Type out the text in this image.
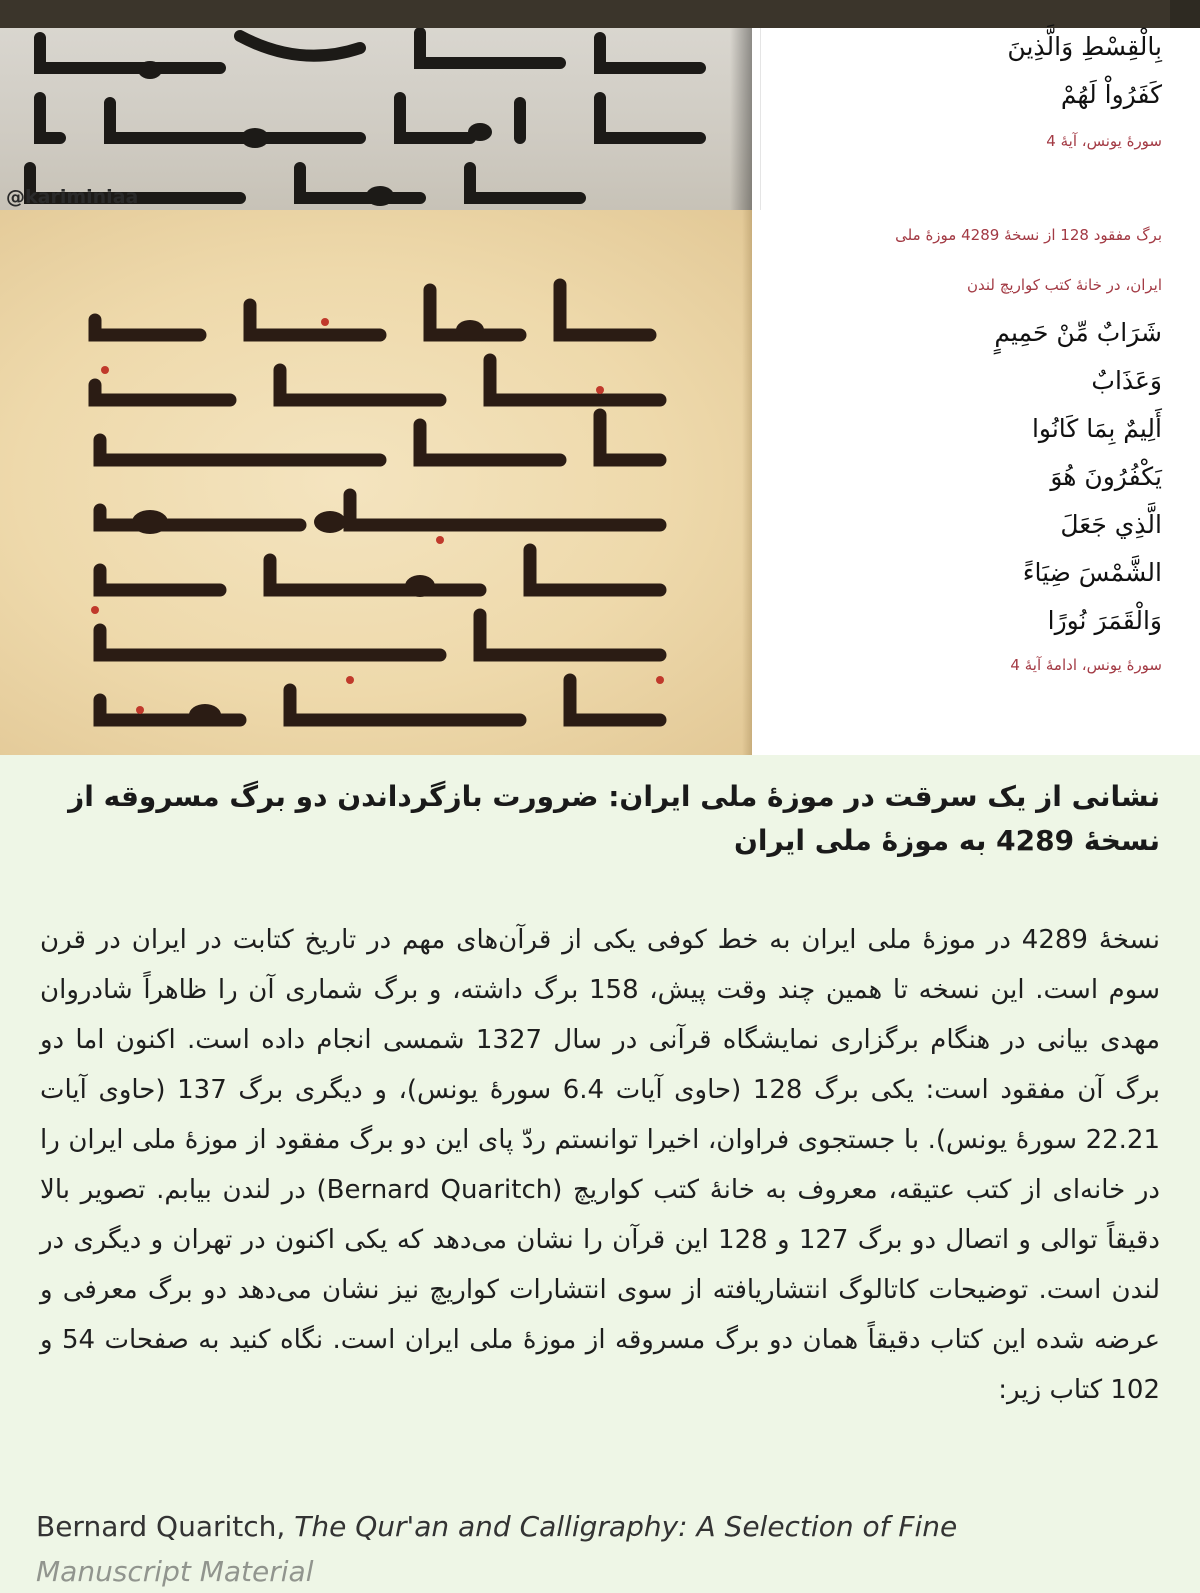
@kariminiaa
بِالْقِسْطِ وَالَّذِينَ
كَفَرُواْ لَهُمْ
سورهٔ یونس، آیهٔ 4
برگ مفقود 128 از نسخهٔ 4289 موزهٔ ملی
ایران، در خانهٔ کتب کواریچ لندن
شَرَابٌ مِّنْ حَمِيمٍ
وَعَذَابٌ
أَلِيمٌ بِمَا كَانُوا
يَكْفُرُونَ هُوَ
الَّذِي جَعَلَ
الشَّمْسَ ضِيَاءً
وَالْقَمَرَ نُورًا
سورهٔ یونس، ادامهٔ آیهٔ 4
نشانی از یک سرقت در موزهٔ ملی ایران: ضرورت بازگرداندن دو برگ مسروقه از نسخهٔ 4289 به موزهٔ ملی ایران
نسخهٔ 4289 در موزهٔ ملی ایران به خط کوفی یکی از قرآن‌های مهم در تاریخ کتابت در ایران در قرن سوم است. این نسخه تا همین چند وقت پیش، 158 برگ داشته، و برگ شماری آن را ظاهراً شادروان مهدی بیانی در هنگام برگزاری نمایشگاه قرآنی در سال 1327 شمسی انجام داده است. اکنون اما دو برگ آن مفقود است: یکی برگ 128 (حاوی آیات 6.4 سورهٔ یونس)، و دیگری برگ 137 (حاوی آیات 22.21 سورهٔ یونس). با جستجوی فراوان، اخیرا توانستم ردّ پای این دو برگ مفقود از موزهٔ ملی ایران را در خانه‌ای از کتب عتیقه، معروف به خانهٔ کتب کواریچ (Bernard Quaritch) در لندن بیابم. تصویر بالا دقیقاً توالی و اتصال دو برگ 127 و 128 این قرآن را نشان می‌دهد که یکی اکنون در تهران و دیگری در لندن است. توضیحات کاتالوگ انتشاریافته از سوی انتشارات کواریچ نیز نشان می‌دهد دو برگ معرفی و عرضه شده این کتاب دقیقاً همان دو برگ مسروقه از موزهٔ ملی ایران است. نگاه کنید به صفحات 54 و 102 کتاب زیر:
Bernard Quaritch, The Qur'an and Calligraphy: A Selection of Fine
Manuscript Material
